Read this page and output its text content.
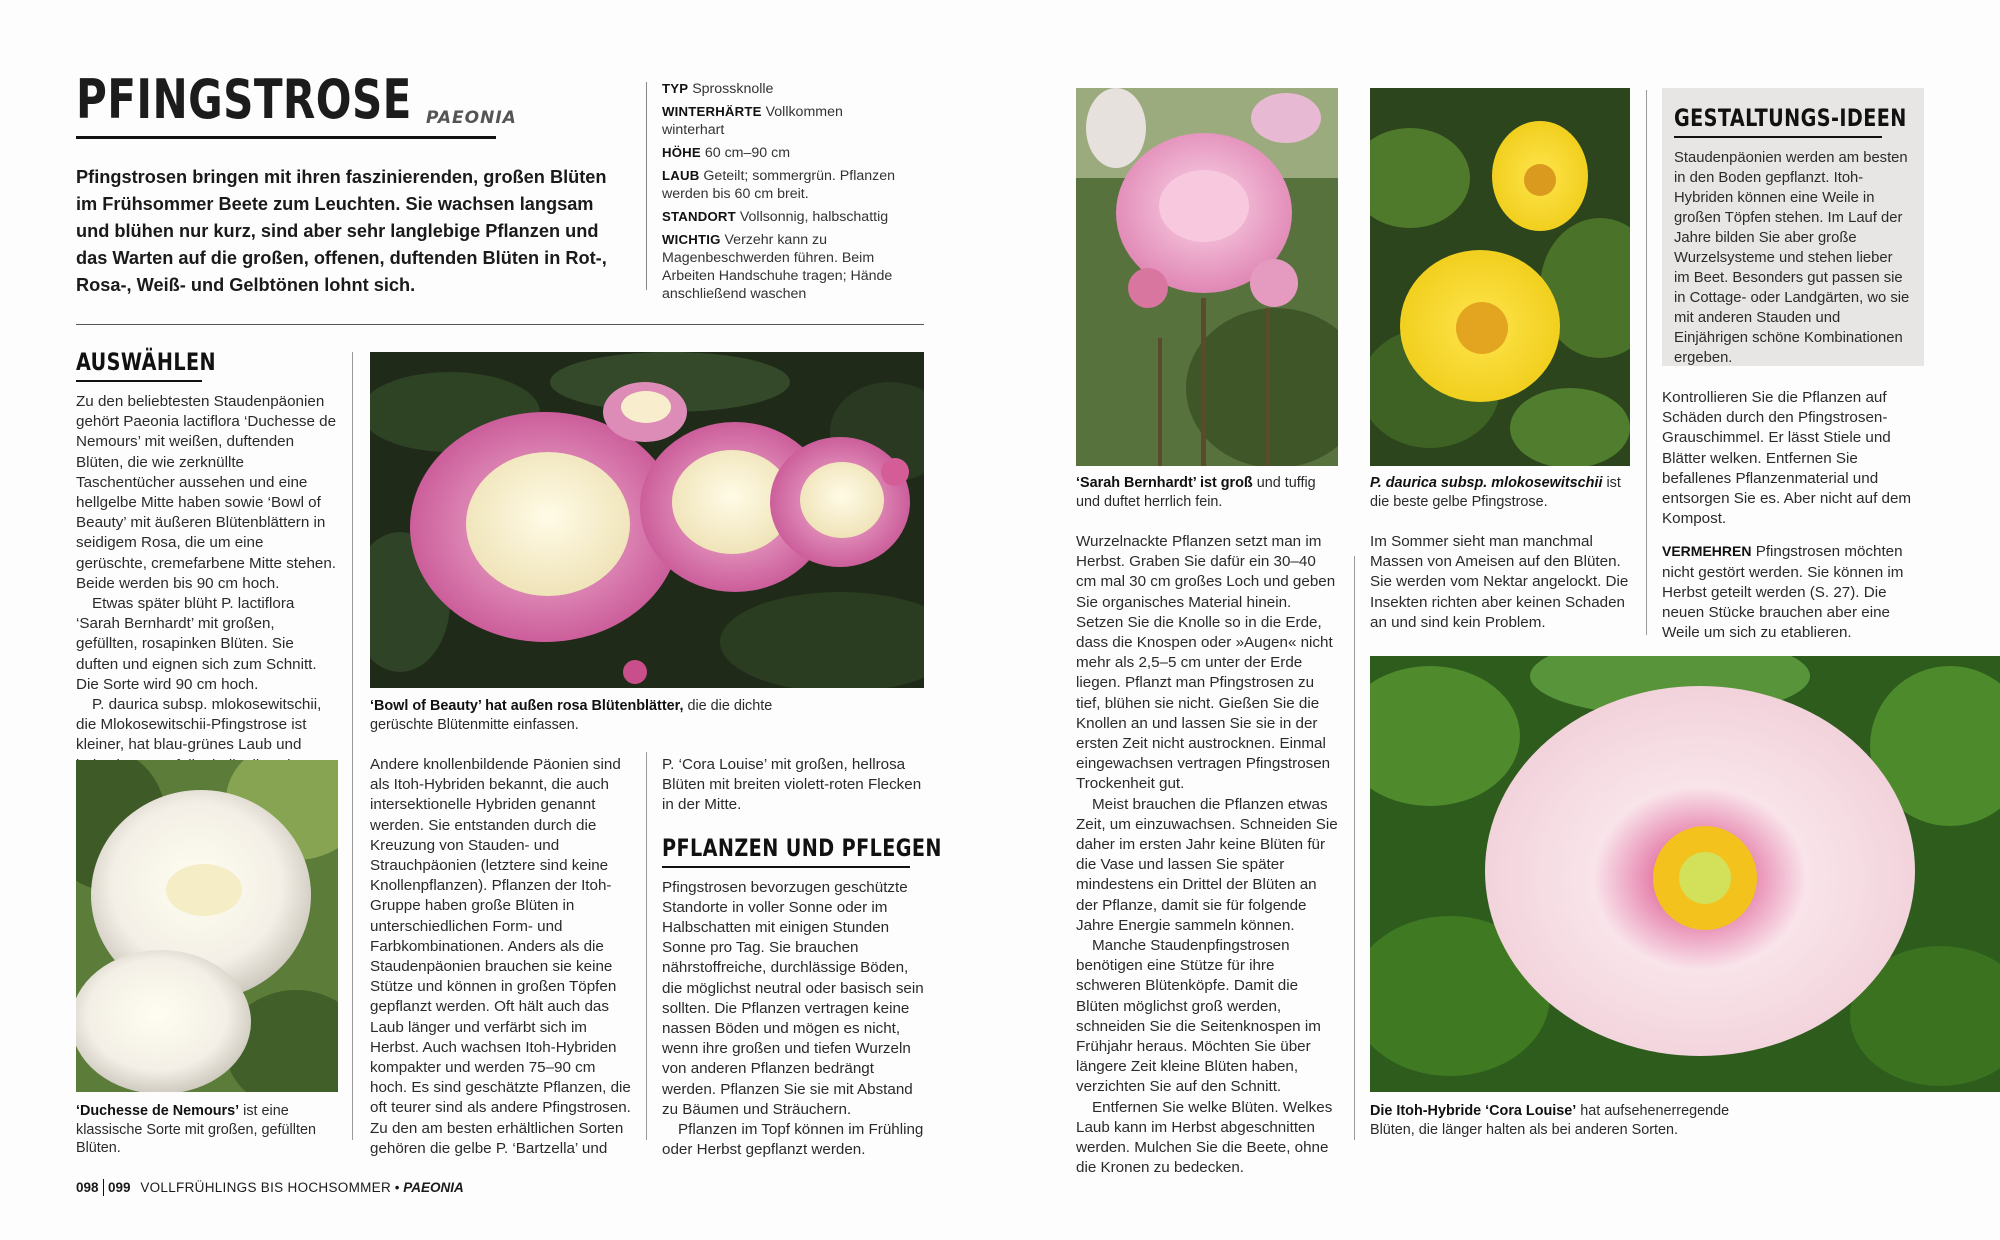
PFINGSTROSE PAEONIA

Pfingstrosen bringen mit ihren faszinierenden, großen Blüten im Frühsommer Beete zum Leuchten. Sie wachsen langsam und blühen nur kurz, sind aber sehr langlebige Pflanzen und das Warten auf die großen, offenen, duftenden Blüten in Rot-, Rosa-, Weiß- und Gelbtönen lohnt sich.

TYP Sprossknolle
WINTERHÄRTE Vollkommen winterhart
HÖHE 60 cm–90 cm
LAUB Geteilt; sommergrün. Pflanzen werden bis 60 cm breit.
STANDORT Vollsonnig, halbschattig
WICHTIG Verzehr kann zu Magenbeschwerden führen. Beim Arbeiten Handschuhe tragen; Hände anschließend waschen
AUSWÄHLEN

Zu den beliebtesten Staudenpäonien gehört Paeonia lactiflora ‘Duchesse de Nemours’ mit weißen, duftenden Blüten, die wie zerknüllte Taschentücher aussehen und eine hellgelbe Mitte haben sowie ‘Bowl of Beauty’ mit äußeren Blütenblättern in seidigem Rosa, die um eine gerüschte, cremefarbene Mitte stehen. Beide werden bis 90 cm hoch.

Etwas später blüht P. lactiflora ‘Sarah Bernhardt’ mit großen, gefüllten, rosapinken Blüten. Sie duften und eignen sich zum Schnitt. Die Sorte wird 90 cm hoch.

P. daurica subsp. mlokosewitschii, die Mlokosewitschii-Pfingstrose ist kleiner, hat blau-grünes Laub und

‘Bowl of Beauty’ hat außen rosa Blütenblätter, die die dichte gerüschte Blütenmitte einfassen.

‘Duchesse de Nemours’ ist eine klassische Sorte mit großen, gefüllten Blüten.

Andere knollenbildende Päonien sind als Itoh-Hybriden bekannt, die auch intersektionelle Hybriden genannt werden. Sie entstanden durch die Kreuzung von Stauden- und Strauchpäonien (letztere sind keine Knollenpflanzen). Pflanzen der Itoh-Gruppe haben große Blüten in unterschiedlichen Form- und Farbkombinationen. Anders als die Staudenpäonien brauchen sie keine Stütze und können in großen Töpfen gepflanzt werden. Oft hält auch das Laub länger und verfärbt sich im Herbst. Auch wachsen Itoh-Hybriden kompakter und werden 75–90 cm hoch. Es sind geschätzte Pflanzen, die oft teurer sind als andere Pfingstrosen. Zu den am besten erhältlichen Sorten gehören die gelbe P. ‘Bartzella’ und

P. ‘Cora Louise’ mit großen, hellrosa Blüten mit breiten violett-roten Flecken in der Mitte.

PFLANZEN UND PFLEGEN

Pfingstrosen bevorzugen geschützte Standorte in voller Sonne oder im Halbschatten mit einigen Stunden Sonne pro Tag. Sie brauchen nährstoffreiche, durchlässige Böden, die möglichst neutral oder basisch sein sollten. Die Pflanzen vertragen keine nassen Böden und mögen es nicht, wenn ihre großen und tiefen Wurzeln von anderen Pflanzen bedrängt werden. Pflanzen Sie sie mit Abstand zu Bäumen und Sträuchern.

Pflanzen im Topf können im Frühling oder Herbst gepflanzt werden.

098 099 VOLLFRÜHLINGS BIS HOCHSOMMER • PAEONIA

‘Sarah Bernhardt’ ist groß und tuffig und duftet herrlich fein.

P. daurica subsp. mlokosewitschii ist die beste gelbe Pfingstrose.

Wurzelnackte Pflanzen setzt man im Herbst. Graben Sie dafür ein 30–40 cm mal 30 cm großes Loch und geben Sie organisches Material hinein. Setzen Sie die Knolle so in die Erde, dass die Knospen oder »Augen« nicht mehr als 2,5–5 cm unter der Erde liegen. Pflanzt man Pfingstrosen zu tief, blühen sie nicht. Gießen Sie die Knollen an und lassen Sie sie in der ersten Zeit nicht austrocknen. Einmal eingewachsen vertragen Pfingstrosen Trockenheit gut.

Meist brauchen die Pflanzen etwas Zeit, um einzuwachsen. Schneiden Sie daher im ersten Jahr keine Blüten für die Vase und lassen Sie später mindestens ein Drittel der Blüten an der Pflanze, damit sie für folgende Jahre Energie sammeln können.

Manche Staudenpfingstrosen benötigen eine Stütze für ihre schweren Blütenköpfe. Damit die Blüten möglichst groß werden, schneiden Sie die Seitenknospen im Frühjahr heraus. Möchten Sie über längere Zeit kleine Blüten haben, verzichten Sie auf den Schnitt.

Entfernen Sie welke Blüten. Welkes Laub kann im Herbst abgeschnitten werden. Mulchen Sie die Beete, ohne die Kronen zu bedecken.

Im Sommer sieht man manchmal Massen von Ameisen auf den Blüten. Sie werden vom Nektar angelockt. Die Insekten richten aber keinen Schaden an und sind kein Problem.

GESTALTUNGS-IDEEN

Staudenpäonien werden am besten in den Boden gepflanzt. Itoh-Hybriden können eine Weile in großen Töpfen stehen. Im Lauf der Jahre bilden Sie aber große Wurzelsysteme und stehen lieber im Beet. Besonders gut passen sie in Cottage- oder Landgärten, wo sie mit anderen Stauden und Einjährigen schöne Kombinationen ergeben.

Kontrollieren Sie die Pflanzen auf Schäden durch den Pfingstrosen-Grauschimmel. Er lässt Stiele und Blätter welken. Entfernen Sie befallenes Pflanzenmaterial und entsorgen Sie es. Aber nicht auf dem Kompost.

VERMEHREN Pfingstrosen möchten nicht gestört werden. Sie können im Herbst geteilt werden (S. 27). Die neuen Stücke brauchen aber eine Weile um sich zu etablieren.

Die Itoh-Hybride ‘Cora Louise’ hat aufsehenerregende Blüten, die länger halten als bei anderen Sorten.
